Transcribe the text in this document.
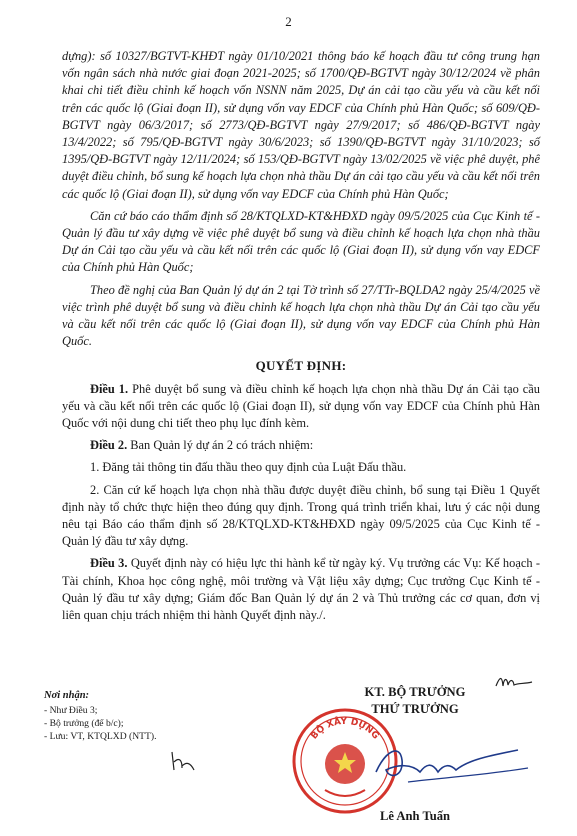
2

dựng): số 10327/BGTVT-KHĐT ngày 01/10/2021 thông báo kế hoạch đầu tư công trung hạn vốn ngân sách nhà nước giai đoạn 2021-2025; số 1700/QĐ-BGTVT ngày 30/12/2024 về phân khai chi tiết điều chỉnh kế hoạch vốn NSNN năm 2025, Dự án cải tạo cầu yếu và cầu kết nối trên các quốc lộ (Giai đoạn II), sử dụng vốn vay EDCF của Chính phủ Hàn Quốc; số 609/QĐ-BGTVT ngày 06/3/2017; số 2773/QĐ-BGTVT ngày 27/9/2017; số 486/QĐ-BGTVT ngày 13/4/2022; số 795/QĐ-BGTVT ngày 30/6/2023; số 1390/QĐ-BGTVT ngày 31/10/2023; số 1395/QĐ-BGTVT ngày 12/11/2024; số 153/QĐ-BGTVT ngày 13/02/2025 về việc phê duyệt, phê duyệt điều chỉnh, bổ sung kế hoạch lựa chọn nhà thầu Dự án cải tạo cầu yếu và cầu kết nối trên các quốc lộ (Giai đoạn II), sử dụng vốn vay EDCF của Chính phủ Hàn Quốc;

Căn cứ báo cáo thẩm định số 28/KTQLXD-KT&HĐXD ngày 09/5/2025 của Cục Kinh tế - Quản lý đầu tư xây dựng về việc phê duyệt bổ sung và điều chỉnh kế hoạch lựa chọn nhà thầu Dự án Cải tạo cầu yếu và cầu kết nối trên các quốc lộ (Giai đoạn II), sử dụng vốn vay EDCF của Chính phủ Hàn Quốc;

Theo đề nghị của Ban Quản lý dự án 2 tại Tờ trình số 27/TTr-BQLDA2 ngày 25/4/2025 về việc trình phê duyệt bổ sung và điều chỉnh kế hoạch lựa chọn nhà thầu Dự án Cải tạo cầu yếu và cầu kết nối trên các quốc lộ (Giai đoạn II), sử dụng vốn vay EDCF của Chính phủ Hàn Quốc.

QUYẾT ĐỊNH:

Điều 1. Phê duyệt bổ sung và điều chỉnh kế hoạch lựa chọn nhà thầu Dự án Cải tạo cầu yếu và cầu kết nối trên các quốc lộ (Giai đoạn II), sử dụng vốn vay EDCF của Chính phủ Hàn Quốc với nội dung chi tiết theo phụ lục đính kèm.

Điều 2. Ban Quản lý dự án 2 có trách nhiệm:

1. Đăng tải thông tin đấu thầu theo quy định của Luật Đấu thầu.

2. Căn cứ kế hoạch lựa chọn nhà thầu được duyệt điều chỉnh, bổ sung tại Điều 1 Quyết định này tổ chức thực hiện theo đúng quy định. Trong quá trình triển khai, lưu ý các nội dung nêu tại Báo cáo thẩm định số 28/KTQLXD-KT&HĐXD ngày 09/5/2025 của Cục Kinh tế - Quản lý đầu tư xây dựng.

Điều 3. Quyết định này có hiệu lực thi hành kể từ ngày ký. Vụ trưởng các Vụ: Kế hoạch - Tài chính, Khoa học công nghệ, môi trường và Vật liệu xây dựng; Cục trưởng Cục Kinh tế - Quản lý đầu tư xây dựng; Giám đốc Ban Quản lý dự án 2 và Thủ trưởng các cơ quan, đơn vị liên quan chịu trách nhiệm thi hành Quyết định này./.

Nơi nhận:
- Như Điều 3;
- Bộ trưởng (để b/c);
- Lưu: VT, KTQLXD (NTT).
KT. BỘ TRƯỞNG
THỨ TRƯỞNG
BỘ XÂY DỰNG
Lê Anh Tuấn
